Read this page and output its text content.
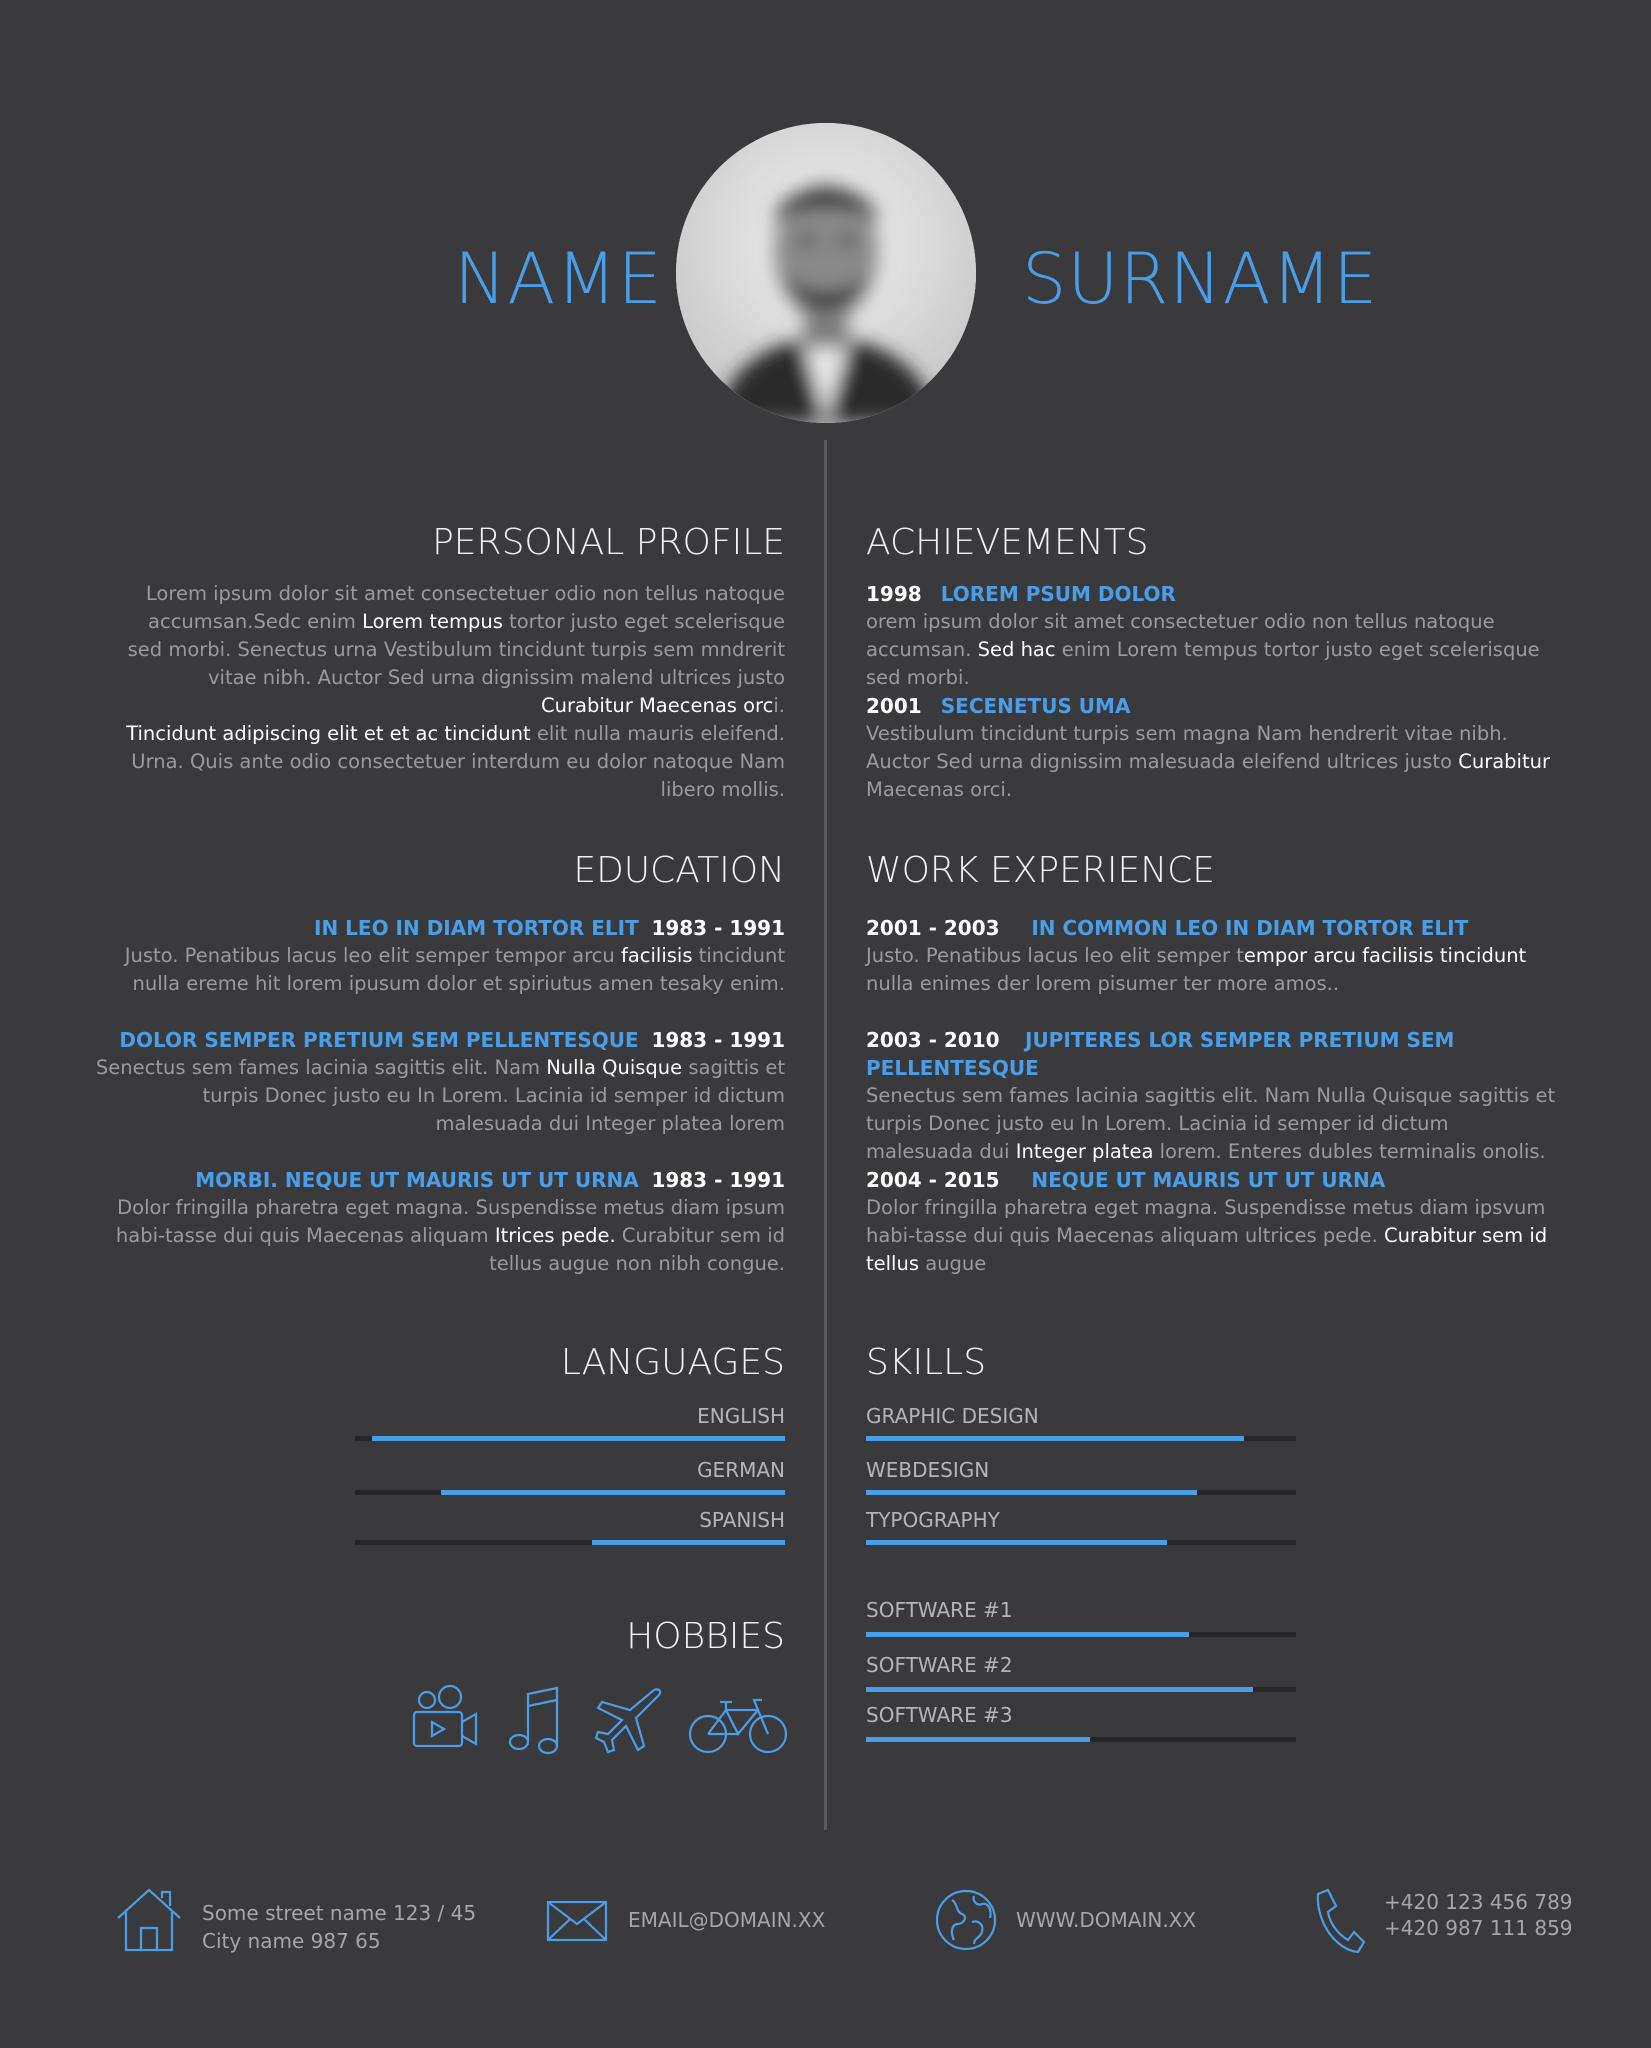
NAME	SURNAME
PERSONAL PROFILE
Lorem ipsum dolor sit amet consectetuer odio non tellus natoque accumsan.Sedc enim Lorem tempus tortor justo eget scelerisque sed morbi. Senectus urna Vestibulum tincidunt turpis sem mndrerit vitae nibh. Auctor Sed urna dignissim malend ultrices justo Curabitur Maecenas orci.
Tincidunt adipiscing elit et et ac tincidunt elit nulla mauris eleifend. Urna. Quis ante odio consectetuer interdum eu dolor natoque Nam libero mollis.
ACHIEVEMENTS
1998 LOREM PSUM DOLOR
orem ipsum dolor sit amet consectetuer odio non tellus natoque accumsan. Sed hac enim Lorem tempus tortor justo eget scelerisque sed morbi.
2001 SECENETUS UMA
Vestibulum tincidunt turpis sem magna Nam hendrerit vitae nibh. Auctor Sed urna dignissim malesuada eleifend ultrices justo Curabitur Maecenas orci.
EDUCATION
IN LEO IN DIAM TORTOR ELIT 1983 - 1991
Justo. Penatibus lacus leo elit semper tempor arcu facilisis tincidunt nulla ereme hit lorem ipusum dolor et spiriutus amen tesaky enim.
DOLOR SEMPER PRETIUM SEM PELLENTESQUE 1983 - 1991
Senectus sem fames lacinia sagittis elit. Nam Nulla Quisque sagittis et turpis Donec justo eu In Lorem. Lacinia id semper id dictum malesuada dui Integer platea lorem
MORBI. NEQUE UT MAURIS UT UT URNA 1983 - 1991
Dolor fringilla pharetra eget magna. Suspendisse metus diam ipsum habi-tasse dui quis Maecenas aliquam Itrices pede. Curabitur sem id tellus augue non nibh congue.
WORK EXPERIENCE
2001 - 2003 IN COMMON LEO IN DIAM TORTOR ELIT
Justo. Penatibus lacus leo elit semper tempor arcu facilisis tincidunt nulla enimes der lorem pisumer ter more amos..
2003 - 2010 JUPITERES LOR SEMPER PRETIUM SEM PELLENTESQUE
Senectus sem fames lacinia sagittis elit. Nam Nulla Quisque sagittis et turpis Donec justo eu In Lorem. Lacinia id semper id dictum malesuada dui Integer platea lorem. Enteres dubles terminalis onolis.
2004 - 2015 NEQUE UT MAURIS UT UT URNA
Dolor fringilla pharetra eget magna. Suspendisse metus diam ipsvum habi-tasse dui quis Maecenas aliquam ultrices pede. Curabitur sem id tellus augue
LANGUAGES
ENGLISH
GERMAN
SPANISH
SKILLS
GRAPHIC DESIGN
WEBDESIGN
TYPOGRAPHY
SOFTWARE #1
SOFTWARE #2
SOFTWARE #3
HOBBIES
Some street name 123 / 45
City name 987 65
EMAIL@DOMAIN.XX	WWW.DOMAIN.XX
+420 123 456 789
+420 987 111 859
